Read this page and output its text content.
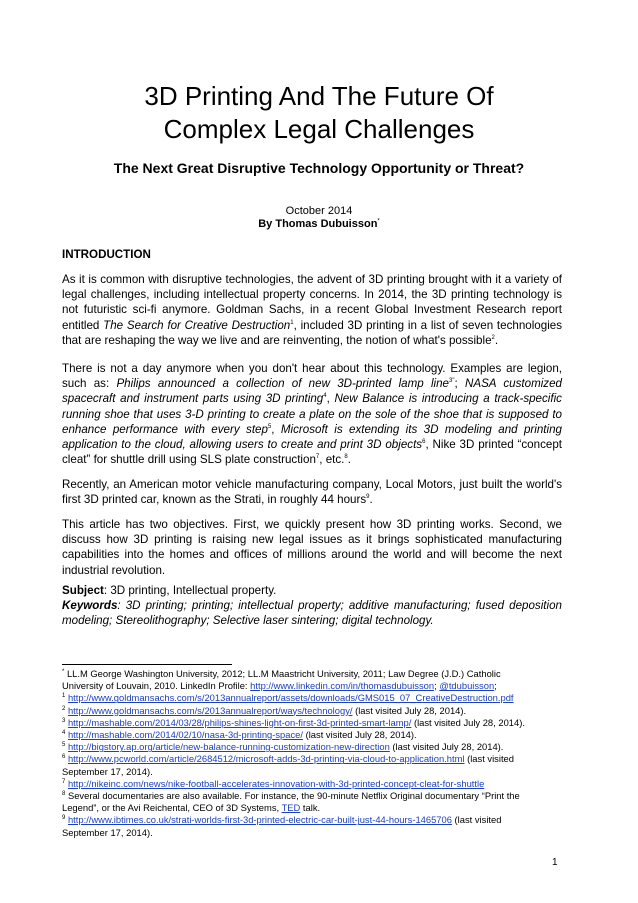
3D Printing And The Future Of
Complex Legal Challenges
The Next Great Disruptive Technology Opportunity or Threat?
October 2014
By Thomas Dubuisson*
INTRODUCTION
As it is common with disruptive technologies, the advent of 3D printing brought with it a variety of legal challenges, including intellectual property concerns. In 2014, the 3D printing technology is not futuristic sci-fi anymore. Goldman Sachs, in a recent Global Investment Research report entitled The Search for Creative Destruction$^1$, included 3D printing in a list of seven technologies that are reshaping the way we live and are reinventing, the notion of what's possible$^2$.
There is not a day anymore when you don't hear about this technology. Examples are legion, such as: Philips announced a collection of new 3D-printed lamp line$^{3"}$; NASA customized spacecraft and instrument parts using 3D printing$^4$, New Balance is introducing a track-specific running shoe that uses 3-D printing to create a plate on the sole of the shoe that is supposed to enhance performance with every step$^5$, Microsoft is extending its 3D modeling and printing application to the cloud, allowing users to create and print 3D objects$^6$, Nike 3D printed “concept cleat” for shuttle drill using SLS plate construction$^7$, etc.$^8$.
Recently, an American motor vehicle manufacturing company, Local Motors, just built the world's first 3D printed car, known as the Strati, in roughly 44 hours$^9$.
This article has two objectives. First, we quickly present how 3D printing works. Second, we discuss how 3D printing is raising new legal issues as it brings sophisticated manufacturing capabilities into the homes and offices of millions around the world and will become the next industrial revolution.
Subject: 3D printing, Intellectual property.
Keywords: 3D printing; printing; intellectual property; additive manufacturing; fused deposition modeling; Stereolithography; Selective laser sintering; digital technology.
* LL.M George Washington University, 2012; LL.M Maastricht University, 2011; Law Degree (J.D.) Catholic
University of Louvain, 2010. LinkedIn Profile: http://www.linkedin.com/in/thomasdubuisson; @tdubuisson;
$^1$ http://www.goldmansachs.com/s/2013annualreport/assets/downloads/GMS015_07_CreativeDestruction.pdf
$^2$ http://www.goldmansachs.com/s/2013annualreport/ways/technology/ (last visited July 28, 2014).
$^3$ http://mashable.com/2014/03/28/philips-shines-light-on-first-3d-printed-smart-lamp/ (last visited July 28, 2014).
$^4$ http://mashable.com/2014/02/10/nasa-3d-printing-space/ (last visited July 28, 2014).
$^5$ http://bigstory.ap.org/article/new-balance-running-customization-new-direction (last visited July 28, 2014).
$^6$ http://www.pcworld.com/article/2684512/microsoft-adds-3d-printing-via-cloud-to-application.html (last visited
September 17, 2014).
$^7$ http://nikeinc.com/news/nike-football-accelerates-innovation-with-3d-printed-concept-cleat-for-shuttle
$^8$ Several documentaries are also available. For instance, the 90-minute Netflix Original documentary “Print the
Legend”, or the Avi Reichental, CEO of 3D Systems, TED talk.
$^9$ http://www.ibtimes.co.uk/strati-worlds-first-3d-printed-electric-car-built-just-44-hours-1465706 (last visited
September 17, 2014).
1
